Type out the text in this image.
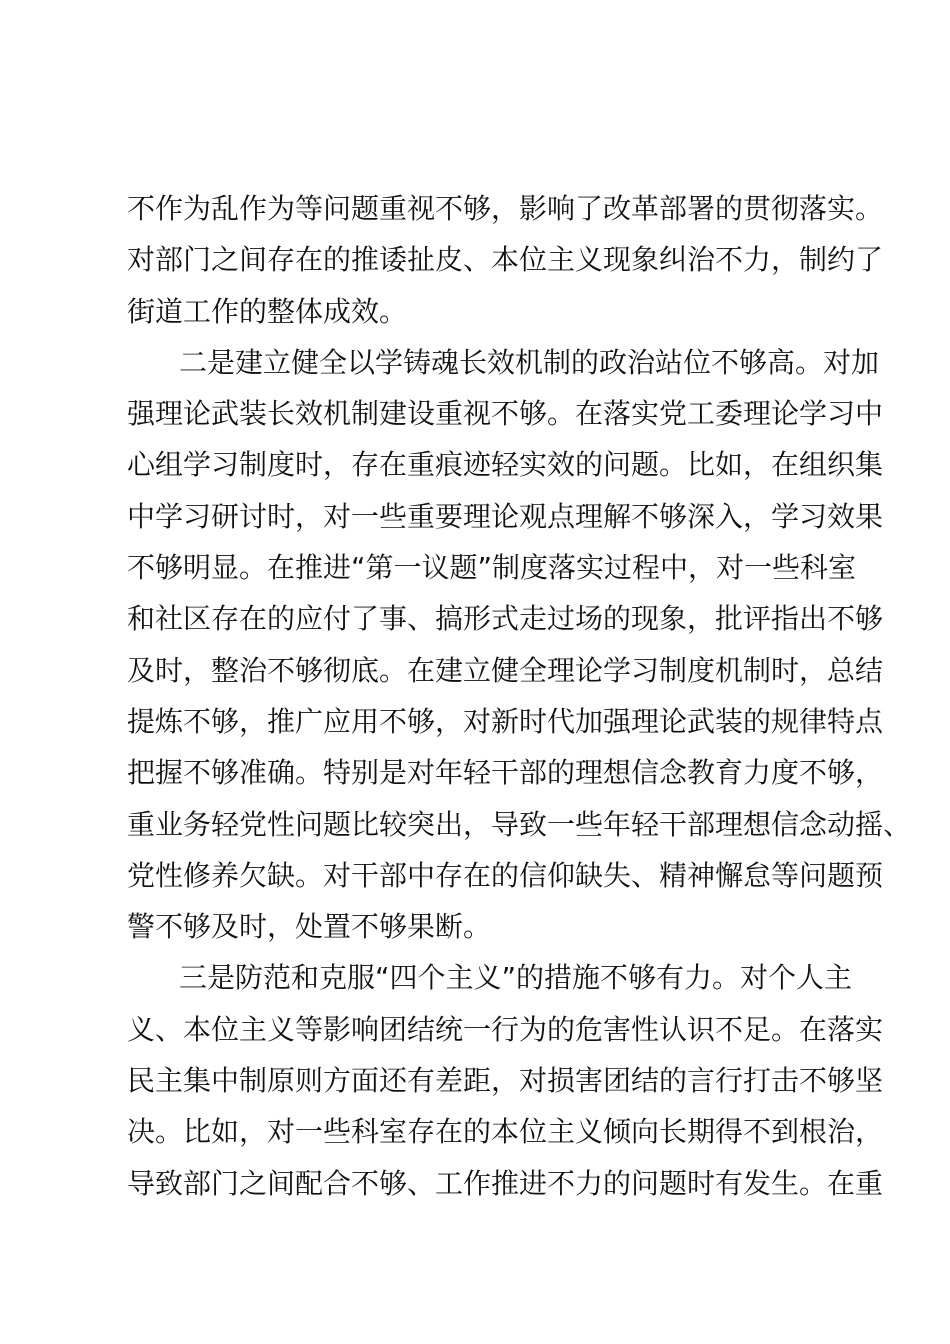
不作为乱作为等问题重视不够，影响了改革部署的贯彻落实。
对部门之间存在的推诿扯皮、本位主义现象纠治不力，制约了
街道工作的整体成效。
二是建立健全以学铸魂长效机制的政治站位不够高。对加
强理论武装长效机制建设重视不够。在落实党工委理论学习中
心组学习制度时，存在重痕迹轻实效的问题。比如，在组织集
中学习研讨时，对一些重要理论观点理解不够深入，学习效果
不够明显。在推进“第一议题”制度落实过程中，对一些科室
和社区存在的应付了事、搞形式走过场的现象，批评指出不够
及时，整治不够彻底。在建立健全理论学习制度机制时，总结
提炼不够，推广应用不够，对新时代加强理论武装的规律特点
把握不够准确。特别是对年轻干部的理想信念教育力度不够，
重业务轻党性问题比较突出，导致一些年轻干部理想信念动摇、
党性修养欠缺。对干部中存在的信仰缺失、精神懈怠等问题预
警不够及时，处置不够果断。
三是防范和克服“四个主义”的措施不够有力。对个人主
义、本位主义等影响团结统一行为的危害性认识不足。在落实
民主集中制原则方面还有差距，对损害团结的言行打击不够坚
决。比如，对一些科室存在的本位主义倾向长期得不到根治，
导致部门之间配合不够、工作推进不力的问题时有发生。在重
